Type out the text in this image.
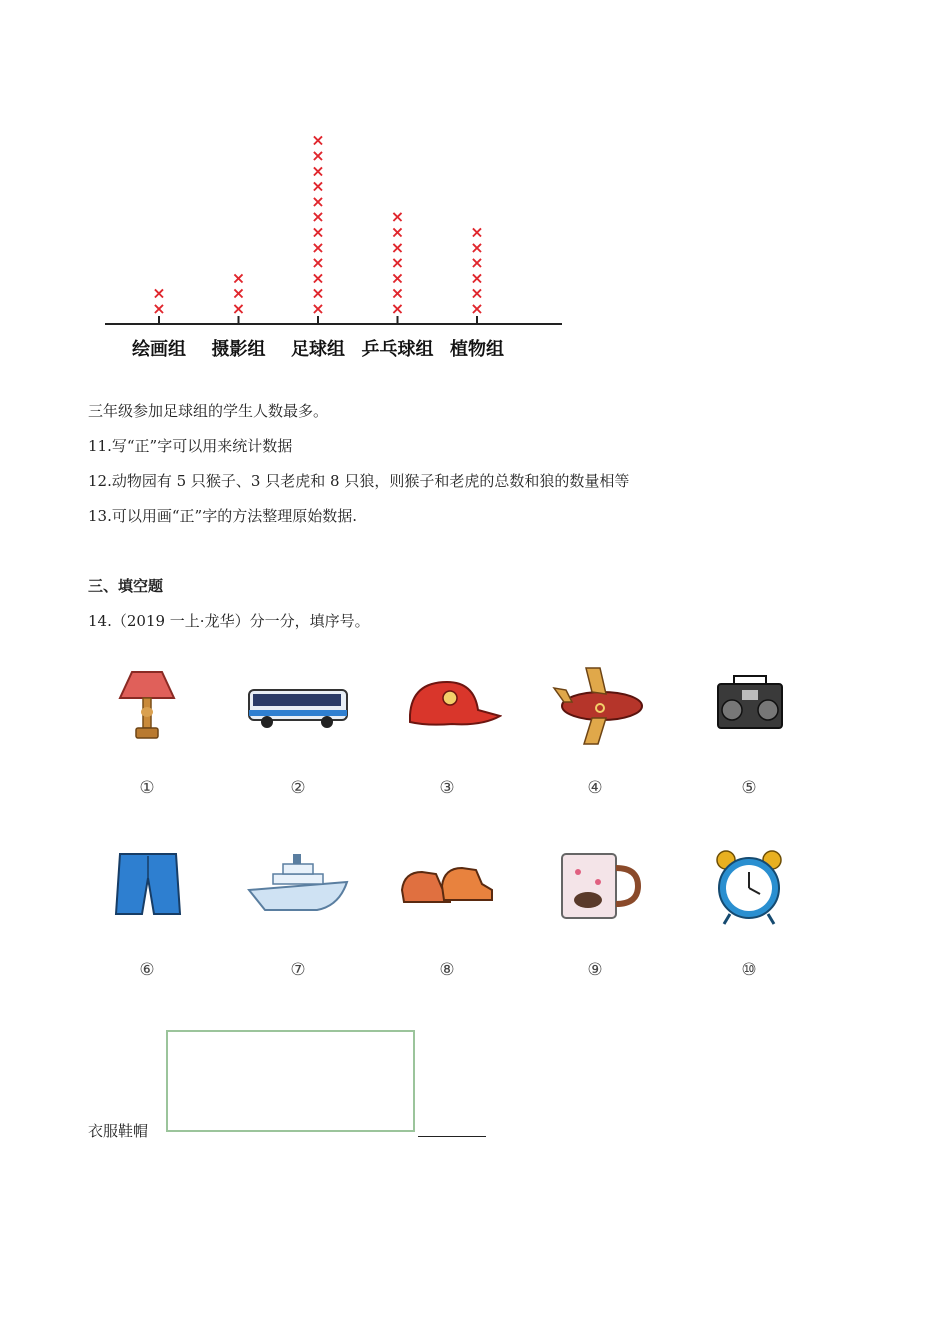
绘画组
×
×
摄影组
×
×
×
足球组
×
×
×
×
×
×
×
×
×
×
×
×
乒乓球组
×
×
×
×
×
×
×
植物组
×
×
×
×
×
×
三年级参加足球组的学生人数最多。
11.写“正”字可以用来统计数据
12.动物园有 5 只猴子、3 只老虎和 8 只狼，则猴子和老虎的总数和狼的数量相等
13.可以用画“正”字的方法整理原始数据.
三、填空题
14.（2019 一上·龙华）分一分，填序号。
①	②	③	④	⑤
⑥	⑦	⑧	⑨	⑩
衣服鞋帽
